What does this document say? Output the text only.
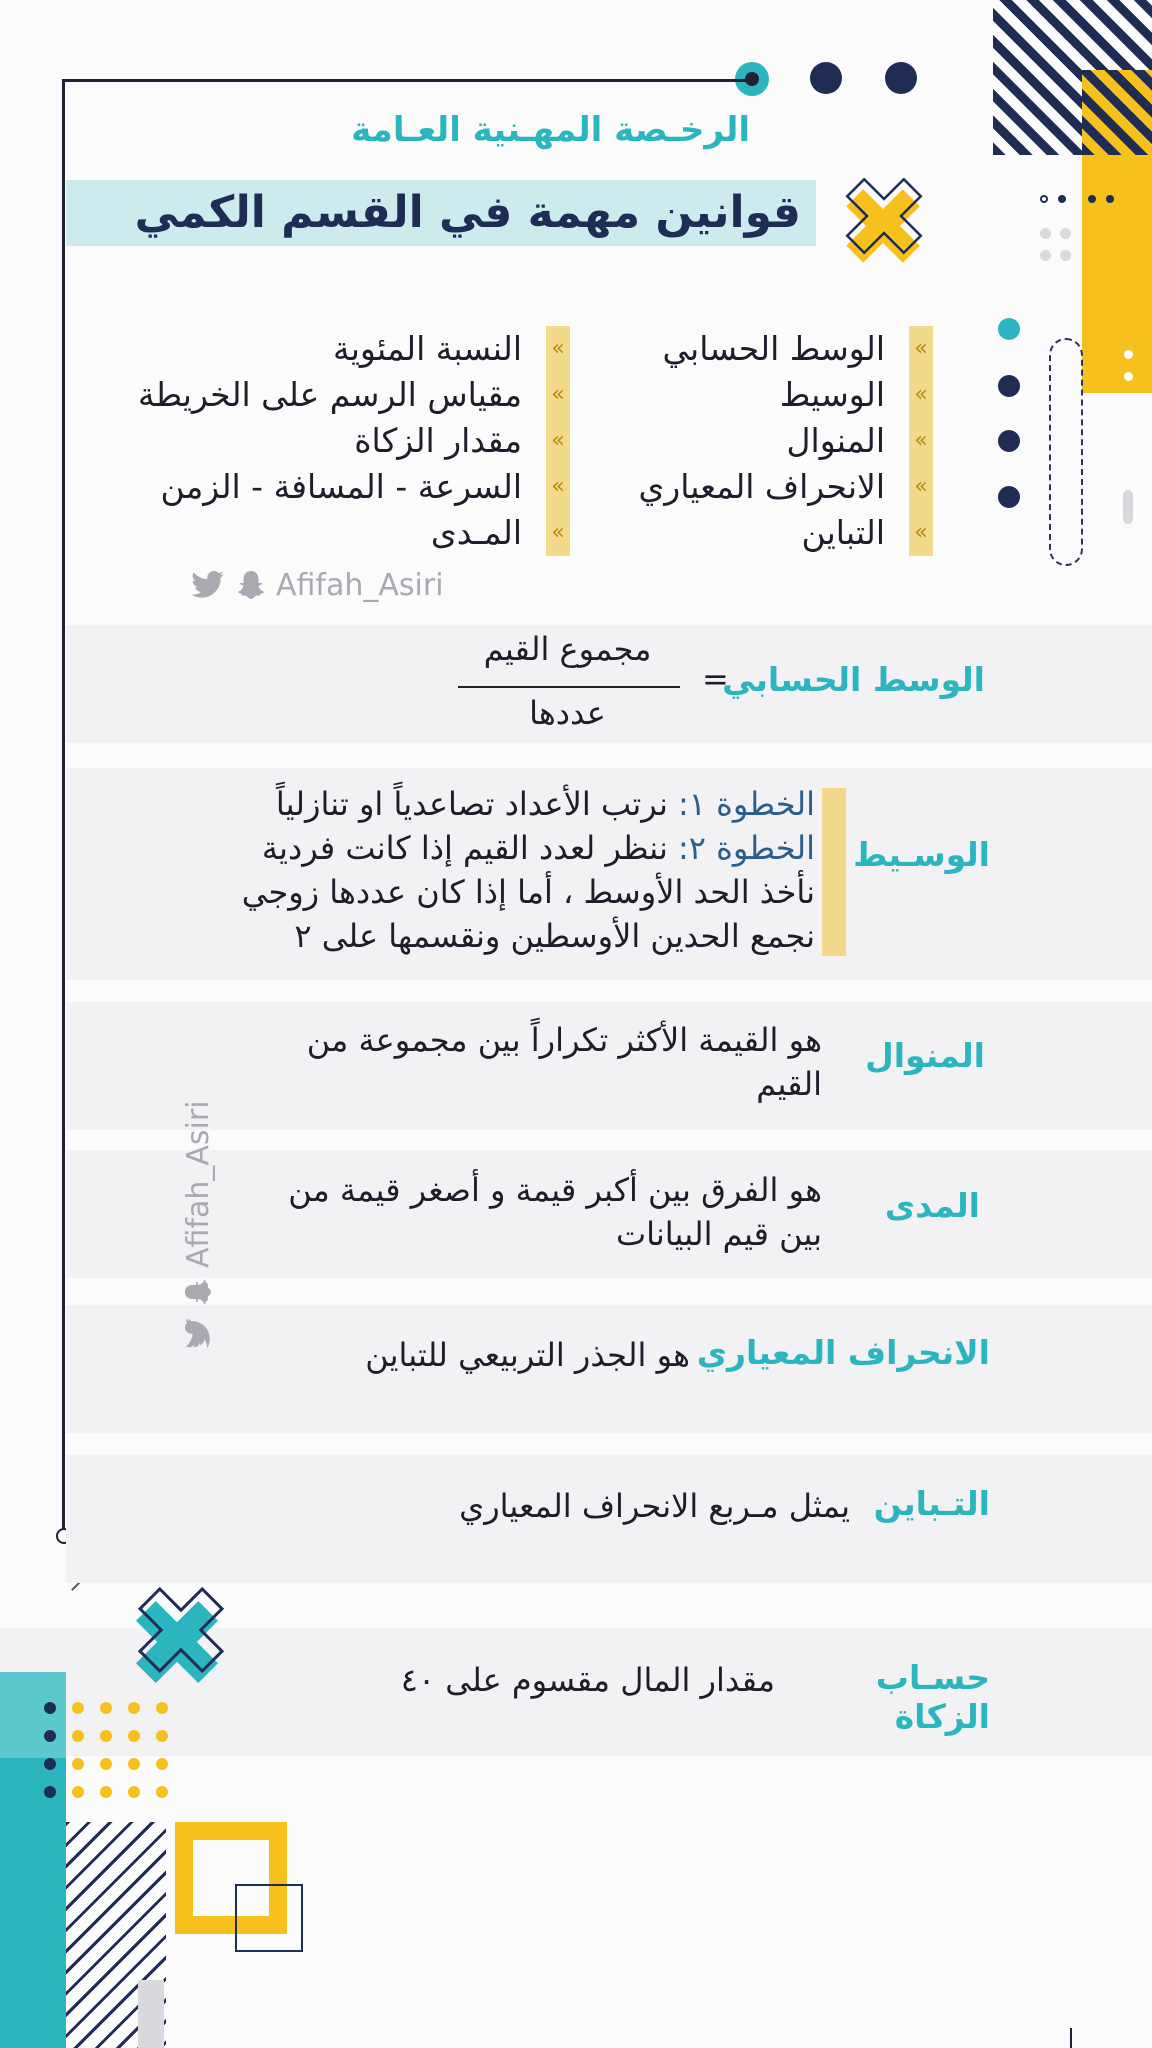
الرخـصة المهـنية العـامة
قوانين مهمة في القسم الكمي
»
الوسط الحسابي
»
الوسيط
»
المنوال
»
الانحراف المعياري
»
التباين
»
النسبة المئوية
»
مقياس الرسم على الخريطة
»
مقدار الزكاة
»
السرعة - المسافة - الزمن
»
المـدى
Afifah_Asiri
الوسط الحسابي
=
مجموع القيم
عددها
الوسـيط
الخطوة ١: نرتب الأعداد تصاعدياً او تنازلياً
الخطوة ٢: ننظر لعدد القيم إذا كانت فردية
نأخذ الحد الأوسط ، أما إذا كان عددها زوجي
نجمع الحدين الأوسطين ونقسمها على ٢
المنوال
هو القيمة الأكثر تكراراً بين مجموعة من
القيم
المدى
هو الفرق بين أكبر قيمة و أصغر قيمة من
بين قيم البيانات
الانحراف المعياري
هو الجذر التربيعي للتباين
التـباين
يمثل مـربع الانحراف المعياري
Afifah_Asiri
حسـاب الزكاة
مقدار المال مقسوم على ٤٠
